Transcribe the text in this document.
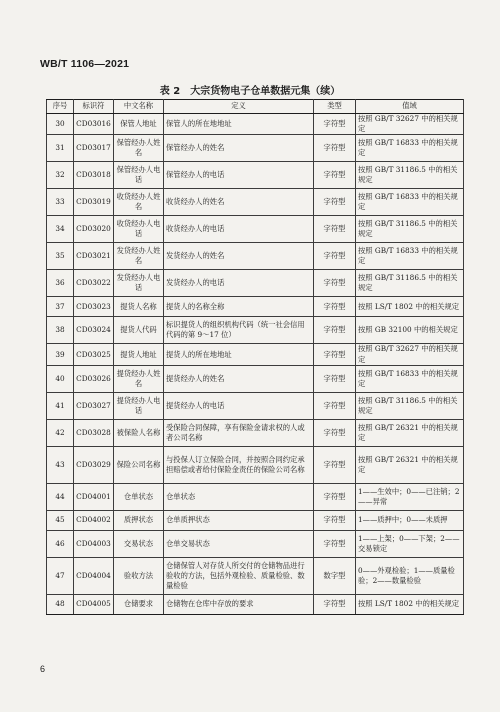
WB/T 1106—2021
表 2　大宗货物电子仓单数据元集（续）
序号	标识符	中文名称	定义	类型	值域
30	CD03016	保管人地址	保管人的所在地地址	字符型	按照 GB/T 32627 中的相关规定
31	CD03017	保管经办人姓名	保管经办人的姓名	字符型	按照 GB/T 16833 中的相关规定
32	CD03018	保管经办人电话	保管经办人的电话	字符型	按照 GB/T 31186.5 中的相关规定
33	CD03019	收货经办人姓名	收货经办人的姓名	字符型	按照 GB/T 16833 中的相关规定
34	CD03020	收货经办人电话	收货经办人的电话	字符型	按照 GB/T 31186.5 中的相关规定
35	CD03021	发货经办人姓名	发货经办人的姓名	字符型	按照 GB/T 16833 中的相关规定
36	CD03022	发货经办人电话	发货经办人的电话	字符型	按照 GB/T 31186.5 中的相关规定
37	CD03023	提货人名称	提货人的名称全称	字符型	按照 LS/T 1802 中的相关规定
38	CD03024	提货人代码	标识提货人的组织机构代码（统一社会信用代码的第 9～17 位）	字符型	按照 GB 32100 中的相关规定
39	CD03025	提货人地址	提货人的所在地地址	字符型	按照 GB/T 32627 中的相关规定
40	CD03026	提货经办人姓名	提货经办人的姓名	字符型	按照 GB/T 16833 中的相关规定
41	CD03027	提货经办人电话	提货经办人的电话	字符型	按照 GB/T 31186.5 中的相关规定
42	CD03028	被保险人名称	受保险合同保障，享有保险金请求权的人或者公司名称	字符型	按照 GB/T 26321 中的相关规定
43	CD03029	保险公司名称	与投保人订立保险合同，并按照合同约定承担赔偿或者给付保险金责任的保险公司名称	字符型	按照 GB/T 26321 中的相关规定
44	CD04001	仓单状态	仓单状态	字符型	1——生效中；0——已注销；2——异常
45	CD04002	质押状态	仓单质押状态	字符型	1——质押中；0——未质押
46	CD04003	交易状态	仓单交易状态	字符型	1——上架；0——下架；2——交易锁定
47	CD04004	验收方法	仓储保管人对存货人所交付的仓储物品进行验收的方法，包括外观检验、质量检验、数量检验	数字型	0——外观检验；1——质量检验；2——数量检验
48	CD04005	仓储要求	仓储物在仓库中存放的要求	字符型	按照 LS/T 1802 中的相关规定
6
